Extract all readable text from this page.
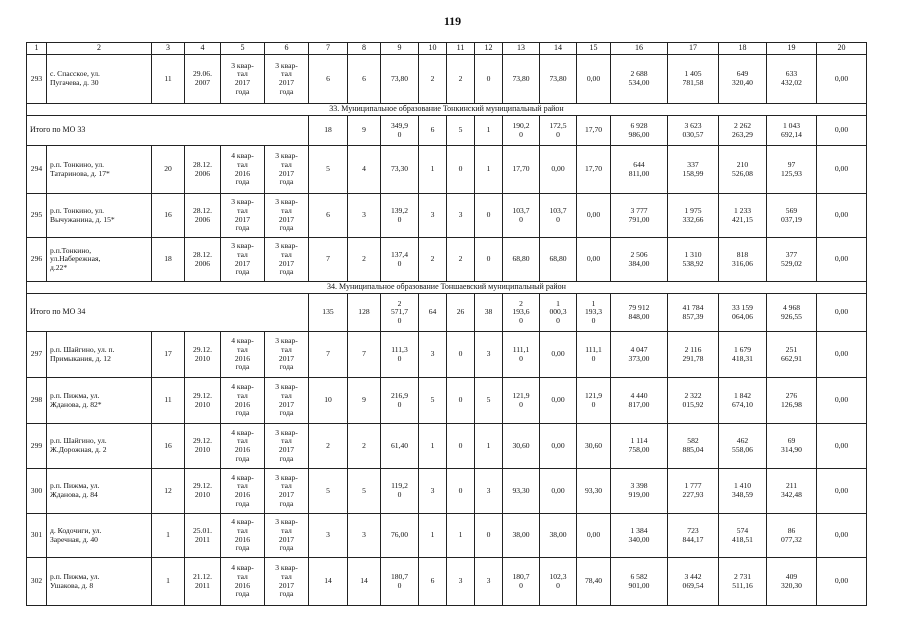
119
1	2	3	4	5	6	7	8	9	10	11	12	13	14	15	16	17	18	19	20

293	с. Спасское, ул.
Пугачева, д. 30	11	29.06.
2007	3 квар-
тал
2017
года	3 квар-
тал
2017
года	6	6	73,80	2	2	0	73,80	73,80	0,00	2 688
534,00	1 405
781,58	649
320,40	633
432,02	0,00

33. Муниципальное образование Тонкинский муниципальный район																			

Итого по МО 33						18	9	349,9
0	6	5	1	190,2
0	172,5
0	17,70	6 928
986,00	3 623
030,57	2 262
263,29	1 043
692,14	0,00

294	р.п. Тонкино, ул.
Татаринова, д. 17*	20	28.12.
2006	4 квар-
тал
2016
года	3 квар-
тал
2017
года	5	4	73,30	1	0	1	17,70	0,00	17,70	644
811,00	337
158,99	210
526,08	97
125,93	0,00

295	р.п. Тонкино, ул.
Вычужанина, д. 15*	16	28.12.
2006	3 квар-
тал
2017
года	3 квар-
тал
2017
года	6	3	139,2
0	3	3	0	103,7
0	103,7
0	0,00	3 777
791,00	1 975
332,66	1 233
421,15	569
037,19	0,00

296	р.п.Тонкино,
ул.Набережная,
д.22*	18	28.12.
2006	3 квар-
тал
2017
года	3 квар-
тал
2017
года	7	2	137,4
0	2	2	0	68,80	68,80	0,00	2 506
384,00	1 310
538,92	818
316,06	377
529,02	0,00

34. Муниципальное образование Тоншаевский муниципальный район																			

Итого по МО 34						135	128	2
571,7
0	64	26	38	2
193,6
0	1
000,3
0	1
193,3
0	79 912
848,00	41 784
857,39	33 159
064,06	4 968
926,55	0,00

297	р.п. Шайгино, ул. п.
Примыкания, д. 12	17	29.12.
2010	4 квар-
тал
2016
года	3 квар-
тал
2017
года	7	7	111,3
0	3	0	3	111,1
0	0,00	111,1
0	4 047
373,00	2 116
291,78	1 679
418,31	251
662,91	0,00

298	р.п. Пижма, ул.
Жданова, д. 82*	11	29.12.
2010	4 квар-
тал
2016
года	3 квар-
тал
2017
года	10	9	216,9
0	5	0	5	121,9
0	0,00	121,9
0	4 440
817,00	2 322
015,92	1 842
674,10	276
126,98	0,00

299	р.п. Шайгино, ул.
Ж.Дорожная, д. 2	16	29.12.
2010	4 квар-
тал
2016
года	3 квар-
тал
2017
года	2	2	61,40	1	0	1	30,60	0,00	30,60	1 114
758,00	582
885,04	462
558,06	69
314,90	0,00

300	р.п. Пижма, ул.
Жданова, д. 84	12	29.12.
2010	4 квар-
тал
2016
года	3 квар-
тал
2017
года	5	5	119,2
0	3	0	3	93,30	0,00	93,30	3 398
919,00	1 777
227,93	1 410
348,59	211
342,48	0,00

301	д. Кодочиги, ул.
Заречная, д. 40	1	25.01.
2011	4 квар-
тал
2016
года	3 квар-
тал
2017
года	3	3	76,00	1	1	0	38,00	38,00	0,00	1 384
340,00	723
844,17	574
418,51	86
077,32	0,00

302	р.п. Пижма, ул.
Ушакова, д. 8	1	21.12.
2011	4 квар-
тал
2016
года	3 квар-
тал
2017
года	14	14	180,7
0	6	3	3	180,7
0	102,3
0	78,40	6 582
901,00	3 442
069,54	2 731
511,16	409
320,30	0,00
